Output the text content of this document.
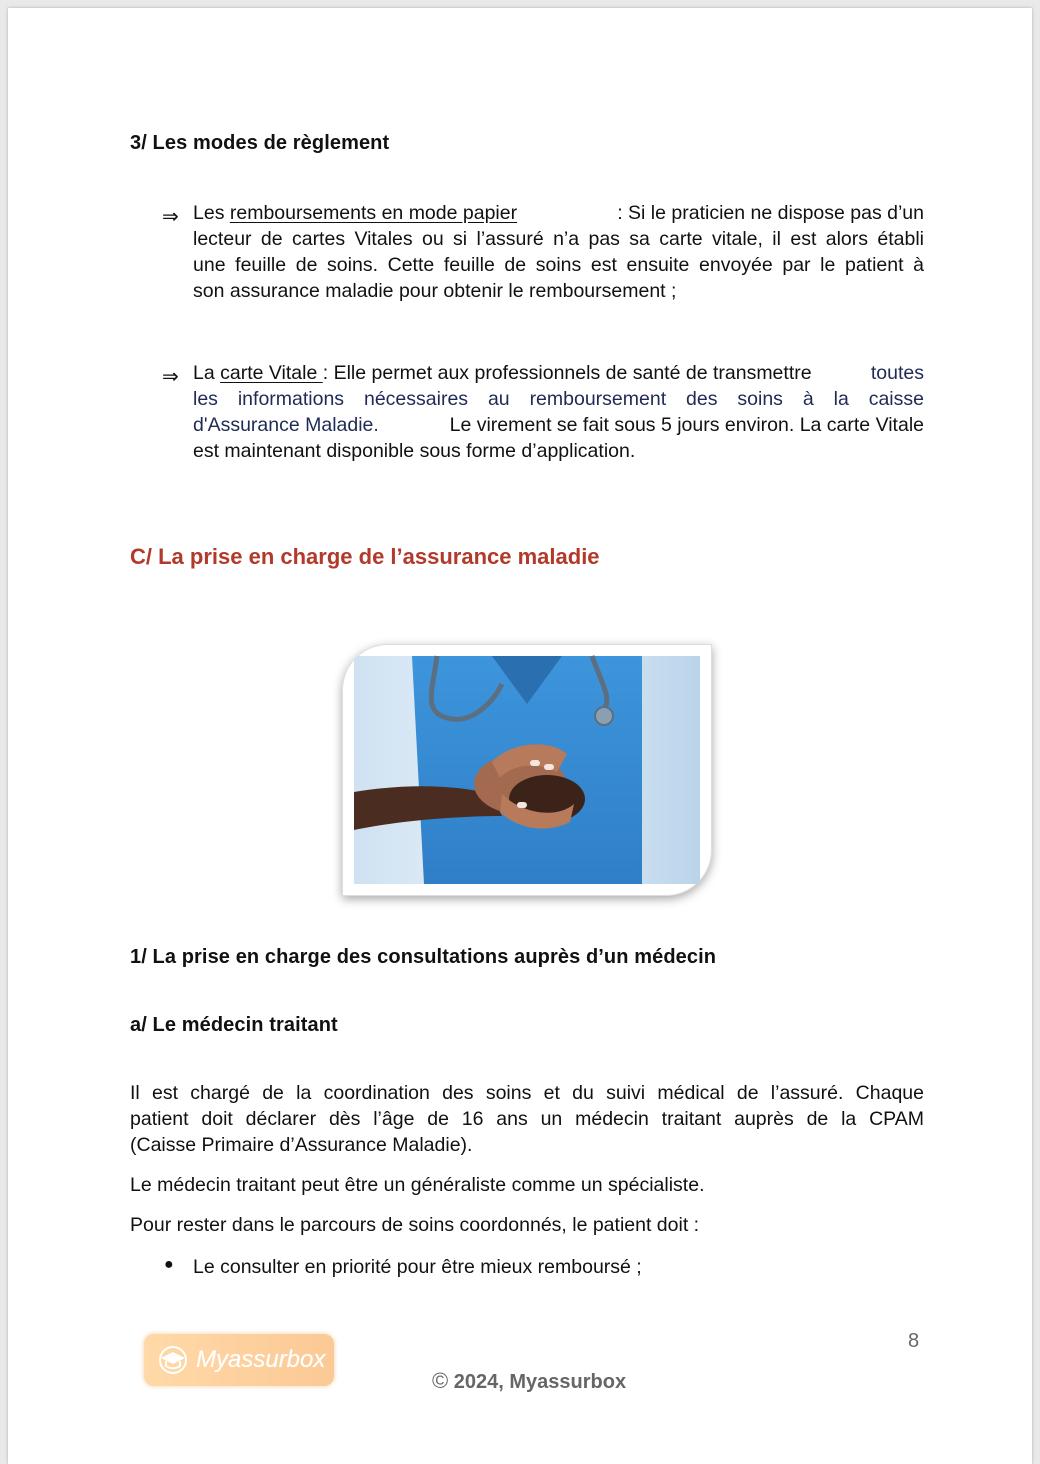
3/ Les modes de règlement
⇒ Les remboursements en mode papier	: Si le praticien ne dispose pas d’un
lecteur de cartes Vitales ou si l’assuré n’a pas sa carte vitale, il est alors établi
une feuille de soins. Cette feuille de soins est ensuite envoyée par le patient à
son assurance maladie pour obtenir le remboursement ;
⇒ La carte Vitale : Elle permet aux professionnels de santé de transmettre	toutes
les informations nécessaires au remboursement des soins à la caisse
d'Assurance Maladie.	Le virement se fait sous 5 jours environ. La carte Vitale
est maintenant disponible sous forme d’application.
C/ La prise en charge de l’assurance maladie
1/ La prise en charge des consultations auprès d’un médecin
a/ Le médecin traitant
Il est chargé de la coordination des soins et du suivi médical de l’assuré. Chaque
patient doit déclarer dès l’âge de 16 ans un médecin traitant auprès de la CPAM
(Caisse Primaire d’Assurance Maladie).
Le médecin traitant peut être un généraliste comme un spécialiste.
Pour rester dans le parcours de soins coordonnés, le patient doit :
● Le consulter en priorité pour être mieux remboursé ;
Myassurbox
8
© 2024, Myassurbox
